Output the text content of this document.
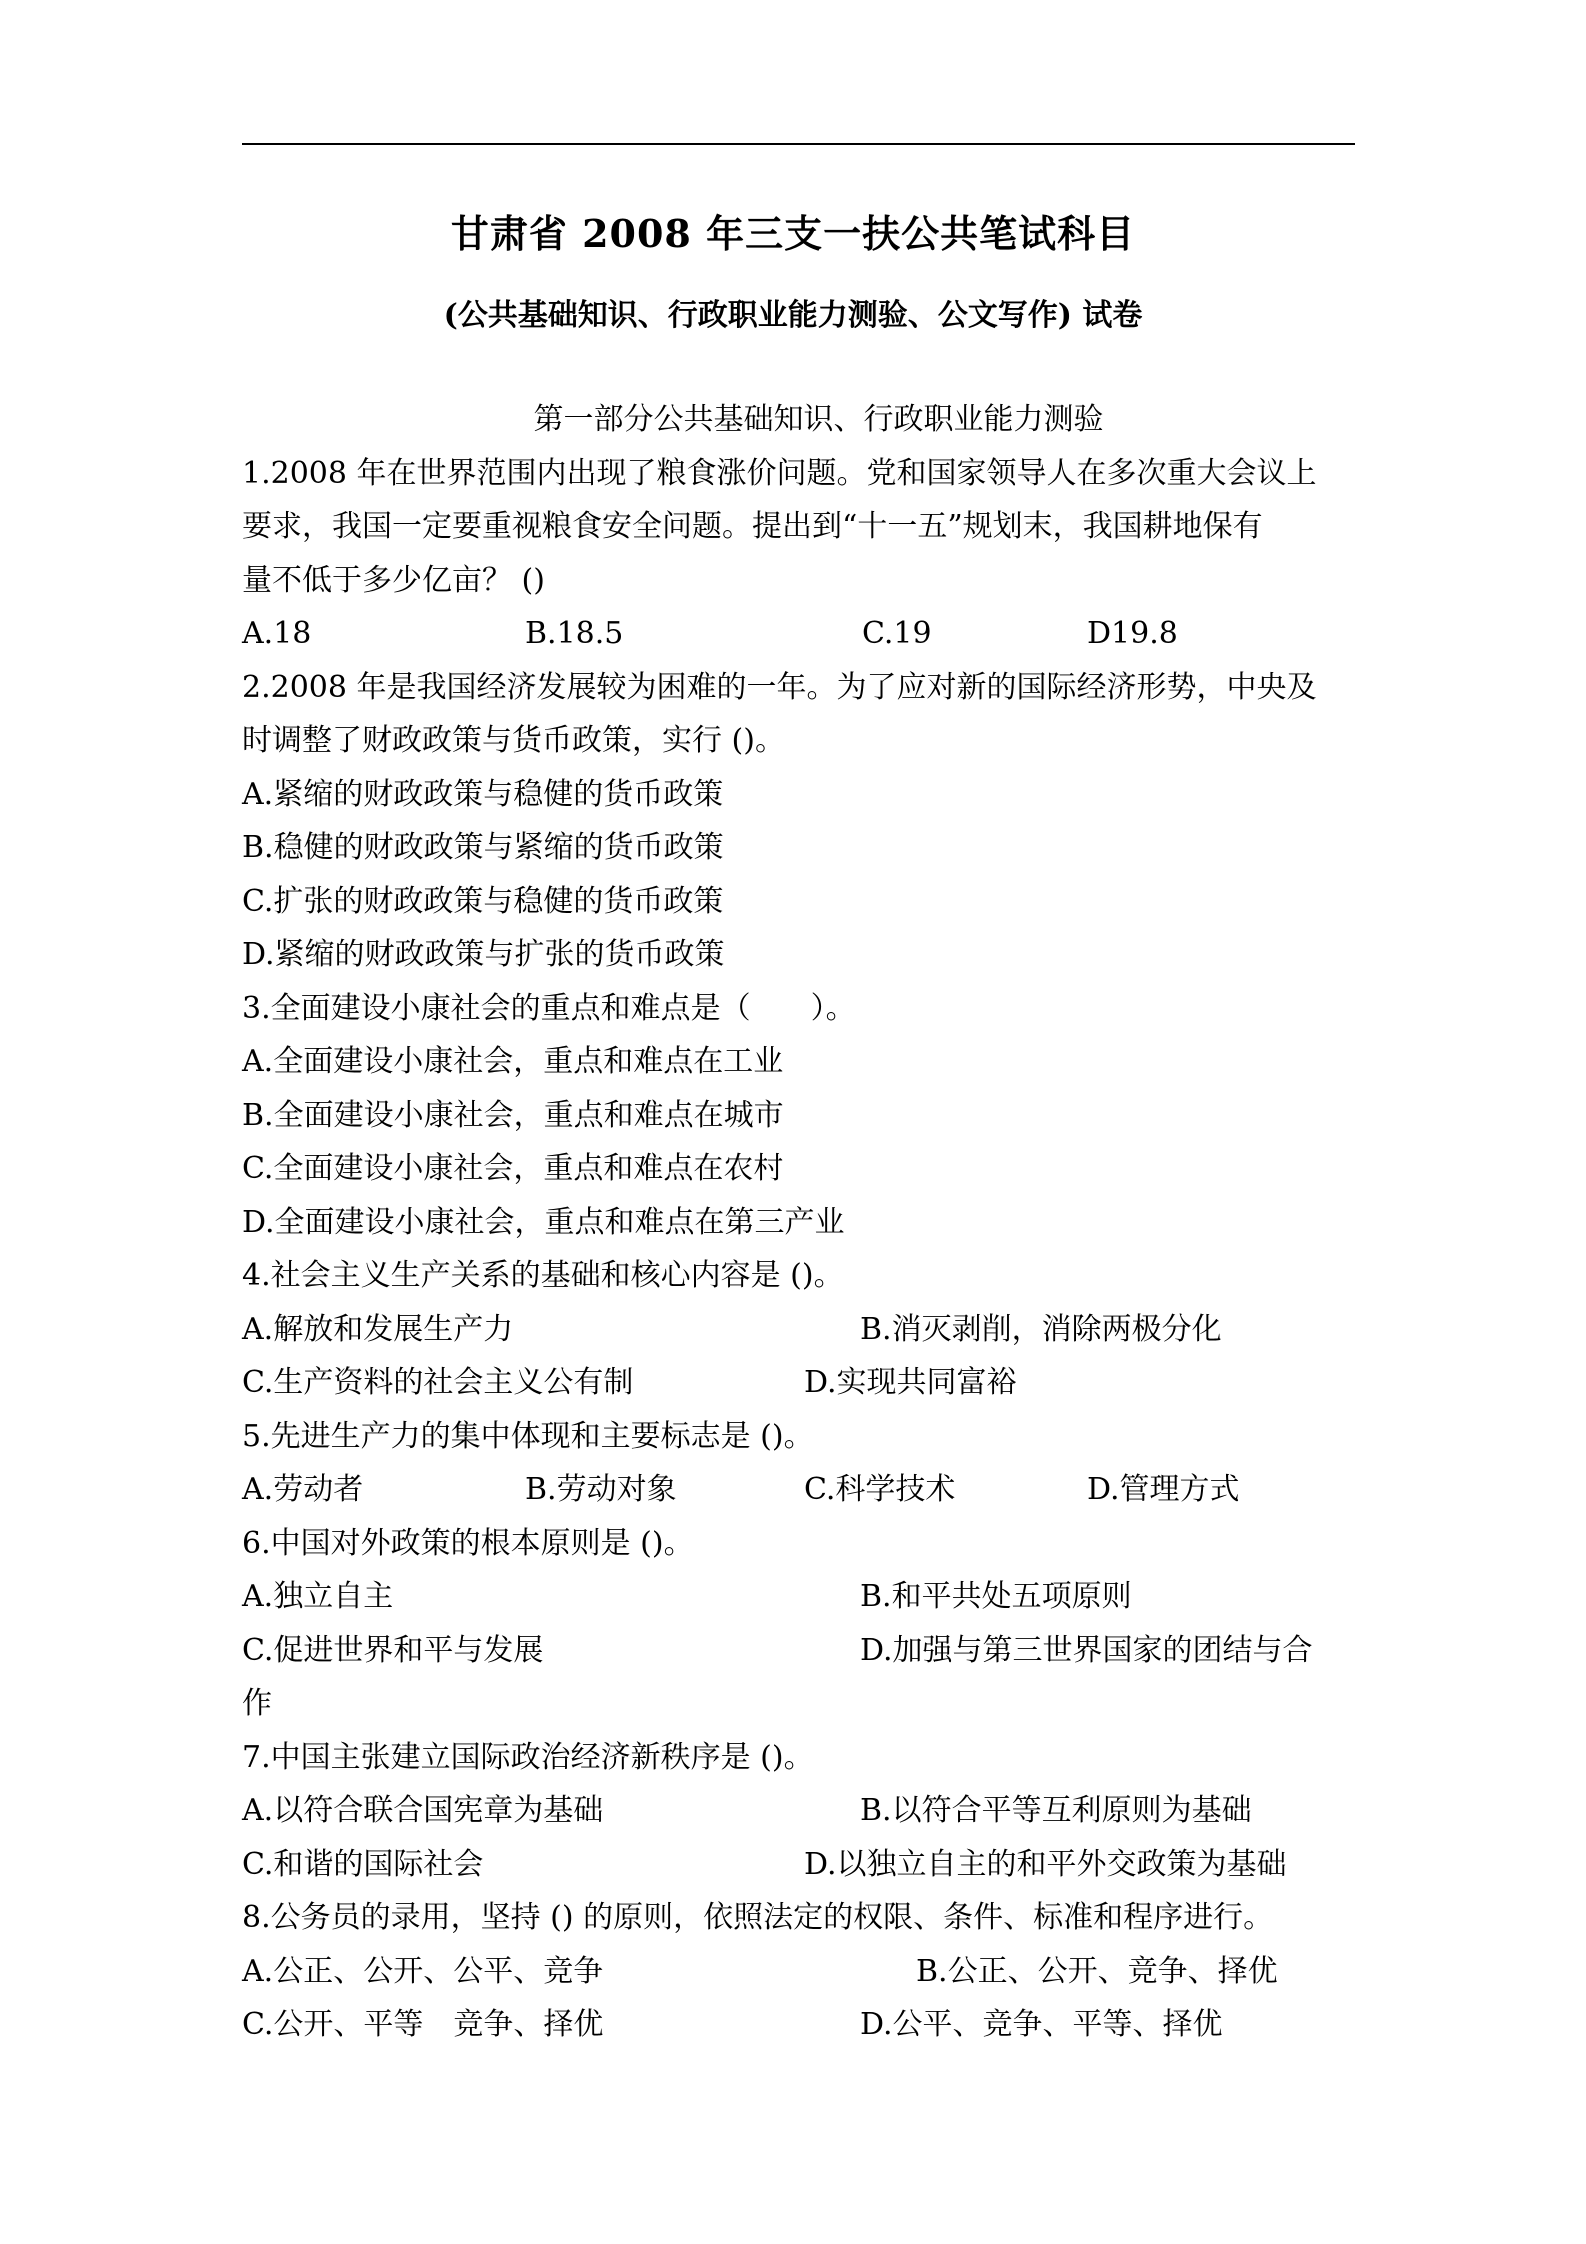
甘肃省 2008 年三支一扶公共笔试科目
(公共基础知识、行政职业能力测验、公文写作) 试卷
第一部分公共基础知识、行政职业能力测验
1.2008 年在世界范围内出现了粮食涨价问题。党和国家领导人在多次重大会议上
要求，我国一定要重视粮食安全问题。提出到“十一五”规划末，我国耕地保有
量不低于多少亿亩？ ()
A.18	B.18.5	C.19	D19.8
2.2008 年是我国经济发展较为困难的一年。为了应对新的国际经济形势，中央及
时调整了财政政策与货币政策，实行 ()。
A.紧缩的财政政策与稳健的货币政策
B.稳健的财政政策与紧缩的货币政策
C.扩张的财政政策与稳健的货币政策
D.紧缩的财政政策与扩张的货币政策
3.全面建设小康社会的重点和难点是（　　）。
A.全面建设小康社会，重点和难点在工业
B.全面建设小康社会，重点和难点在城市
C.全面建设小康社会，重点和难点在农村
D.全面建设小康社会，重点和难点在第三产业
4.社会主义生产关系的基础和核心内容是 ()。
A.解放和发展生产力	B.消灭剥削，消除两极分化
C.生产资料的社会主义公有制	D.实现共同富裕
5.先进生产力的集中体现和主要标志是 ()。
A.劳动者	B.劳动对象	C.科学技术	D.管理方式
6.中国对外政策的根本原则是 ()。
A.独立自主	B.和平共处五项原则
C.促进世界和平与发展	D.加强与第三世界国家的团结与合
作
7.中国主张建立国际政治经济新秩序是 ()。
A.以符合联合国宪章为基础	B.以符合平等互利原则为基础
C.和谐的国际社会	D.以独立自主的和平外交政策为基础
8.公务员的录用，坚持 () 的原则，依照法定的权限、条件、标准和程序进行。
A.公正、公开、公平、竞争	B.公正、公开、竞争、择优
C.公开、平等　竞争、择优	D.公平、竞争、平等、择优
